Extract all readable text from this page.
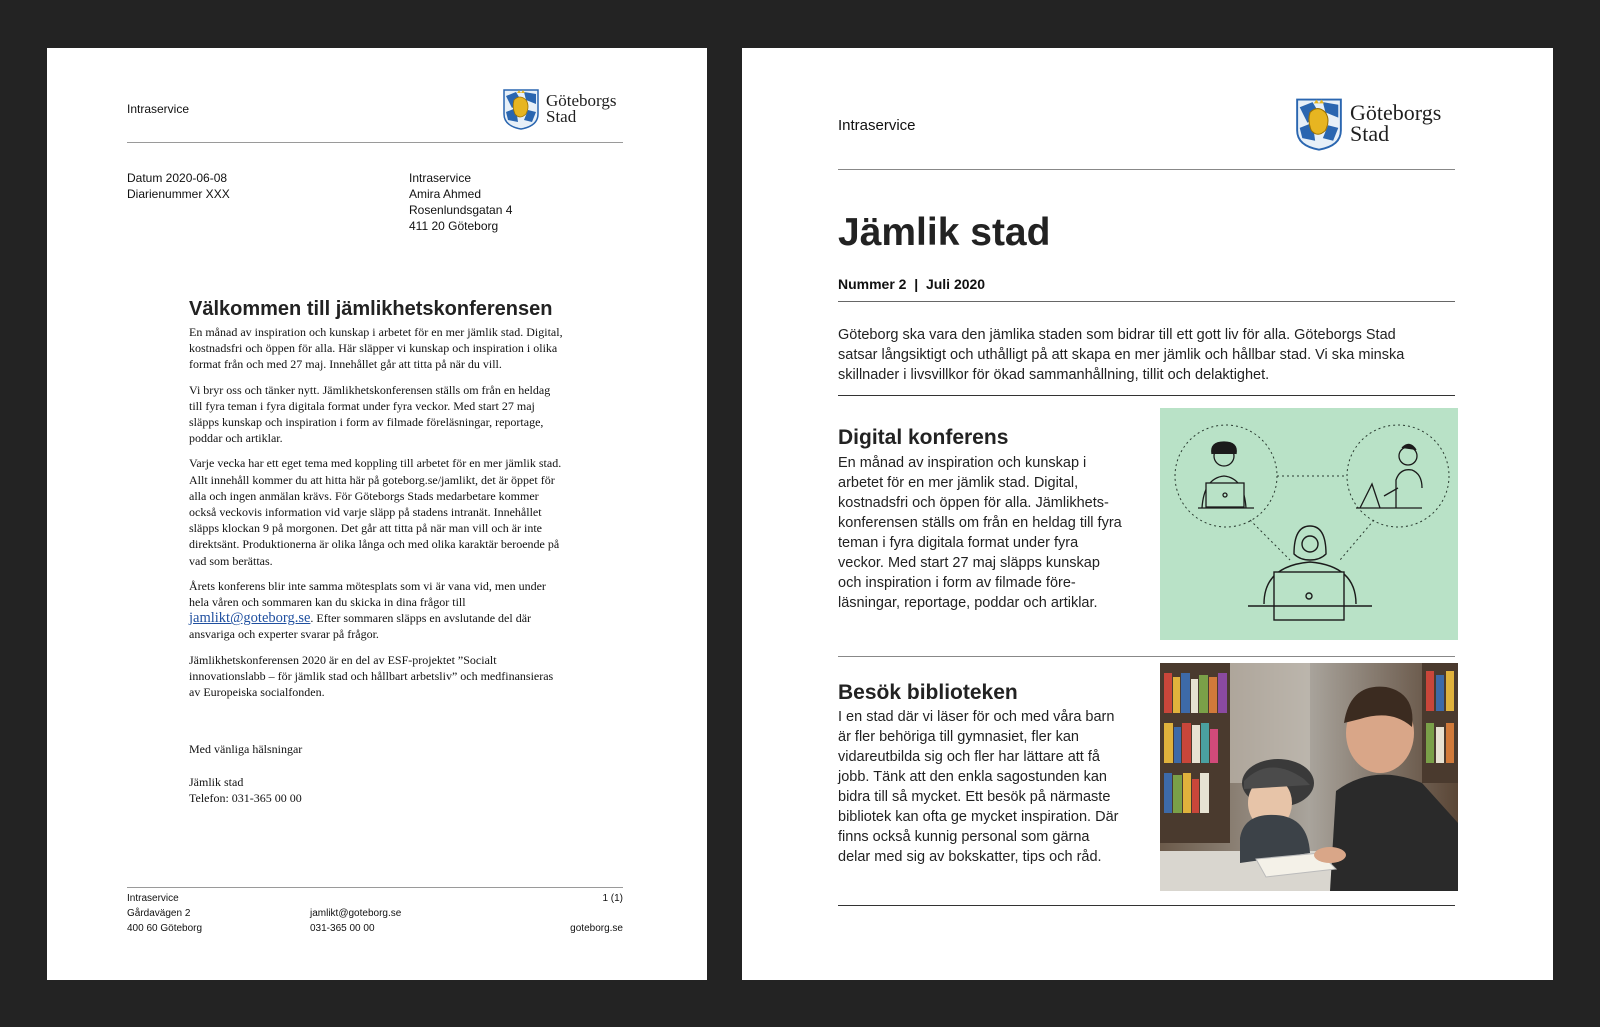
Intraservice	Göteborgs
Stad
Datum 2020-06-08
Diarienummer XXX
Intraservice
Amira Ahmed
Rosenlundsgatan 4
411 20 Göteborg
Välkommen till jämlikhetskonferensen

En månad av inspiration och kunskap i arbetet för en mer jämlik stad. Digital, kostnadsfri och öppen för alla. Här släpper vi kunskap och inspiration i olika format från och med 27 maj. Innehållet går att titta på när du vill.

Vi bryr oss och tänker nytt. Jämlikhetskonferensen ställs om från en heldag till fyra teman i fyra digitala format under fyra veckor. Med start 27 maj släpps kunskap och inspiration i form av filmade föreläsningar, reportage, poddar och artiklar.

Varje vecka har ett eget tema med koppling till arbetet för en mer jämlik stad. Allt innehåll kommer du att hitta här på goteborg.se/jamlikt, det är öppet för alla och ingen anmälan krävs. För Göteborgs Stads medarbetare kommer också veckovis information vid varje släpp på stadens intranät. Innehållet släpps klockan 9 på morgonen. Det går att titta på när man vill och är inte direktsänt. Produktionerna är olika långa och med olika karaktär beroende på vad som berättas.

Årets konferens blir inte samma mötesplats som vi är vana vid, men under hela våren och sommaren kan du skicka in dina frågor till jamlikt@goteborg.se. Efter sommaren släpps en avslutande del där ansvariga och experter svarar på frågor.

Jämlikhetskonferensen 2020 är en del av ESF-projektet ”Socialt innovationslabb – för jämlik stad och hållbart arbetsliv” och medfinansieras av Europeiska socialfonden.

Med vänliga hälsningar
Jämlik stad
Telefon: 031-365 00 00
Intraservice
Gårdavägen 2
400 60 Göteborg
jamlikt@goteborg.se
031-365 00 00
1 (1)
goteborg.se
Intraservice
Göteborgs
Stad
Jämlik stad
Nummer 2  |  Juli 2020
Göteborg ska vara den jämlika staden som bidrar till ett gott liv för alla. Göteborgs Stad satsar långsiktigt och uthålligt på att skapa en mer jämlik och hållbar stad. Vi ska minska skillnader i livsvillkor för ökad sammanhållning, tillit och delaktighet.
Digital konferens
En månad av inspiration och kunskap i
arbetet för en mer jämlik stad. Digital,
kostnadsfri och öppen för alla. Jämlikhets-
konferensen ställs om från en heldag till fyra
teman i fyra digitala format under fyra
veckor. Med start 27 maj släpps kunskap
och inspiration i form av filmade före-
läsningar, reportage, poddar och artiklar.
Besök biblioteken
I en stad där vi läser för och med våra barn
är fler behöriga till gymnasiet, fler kan
vidareutbilda sig och fler har lättare att få
jobb. Tänk att den enkla sagostunden kan
bidra till så mycket. Ett besök på närmaste
bibliotek kan ofta ge mycket inspiration. Där
finns också kunnig personal som gärna
delar med sig av bokskatter, tips och råd.
